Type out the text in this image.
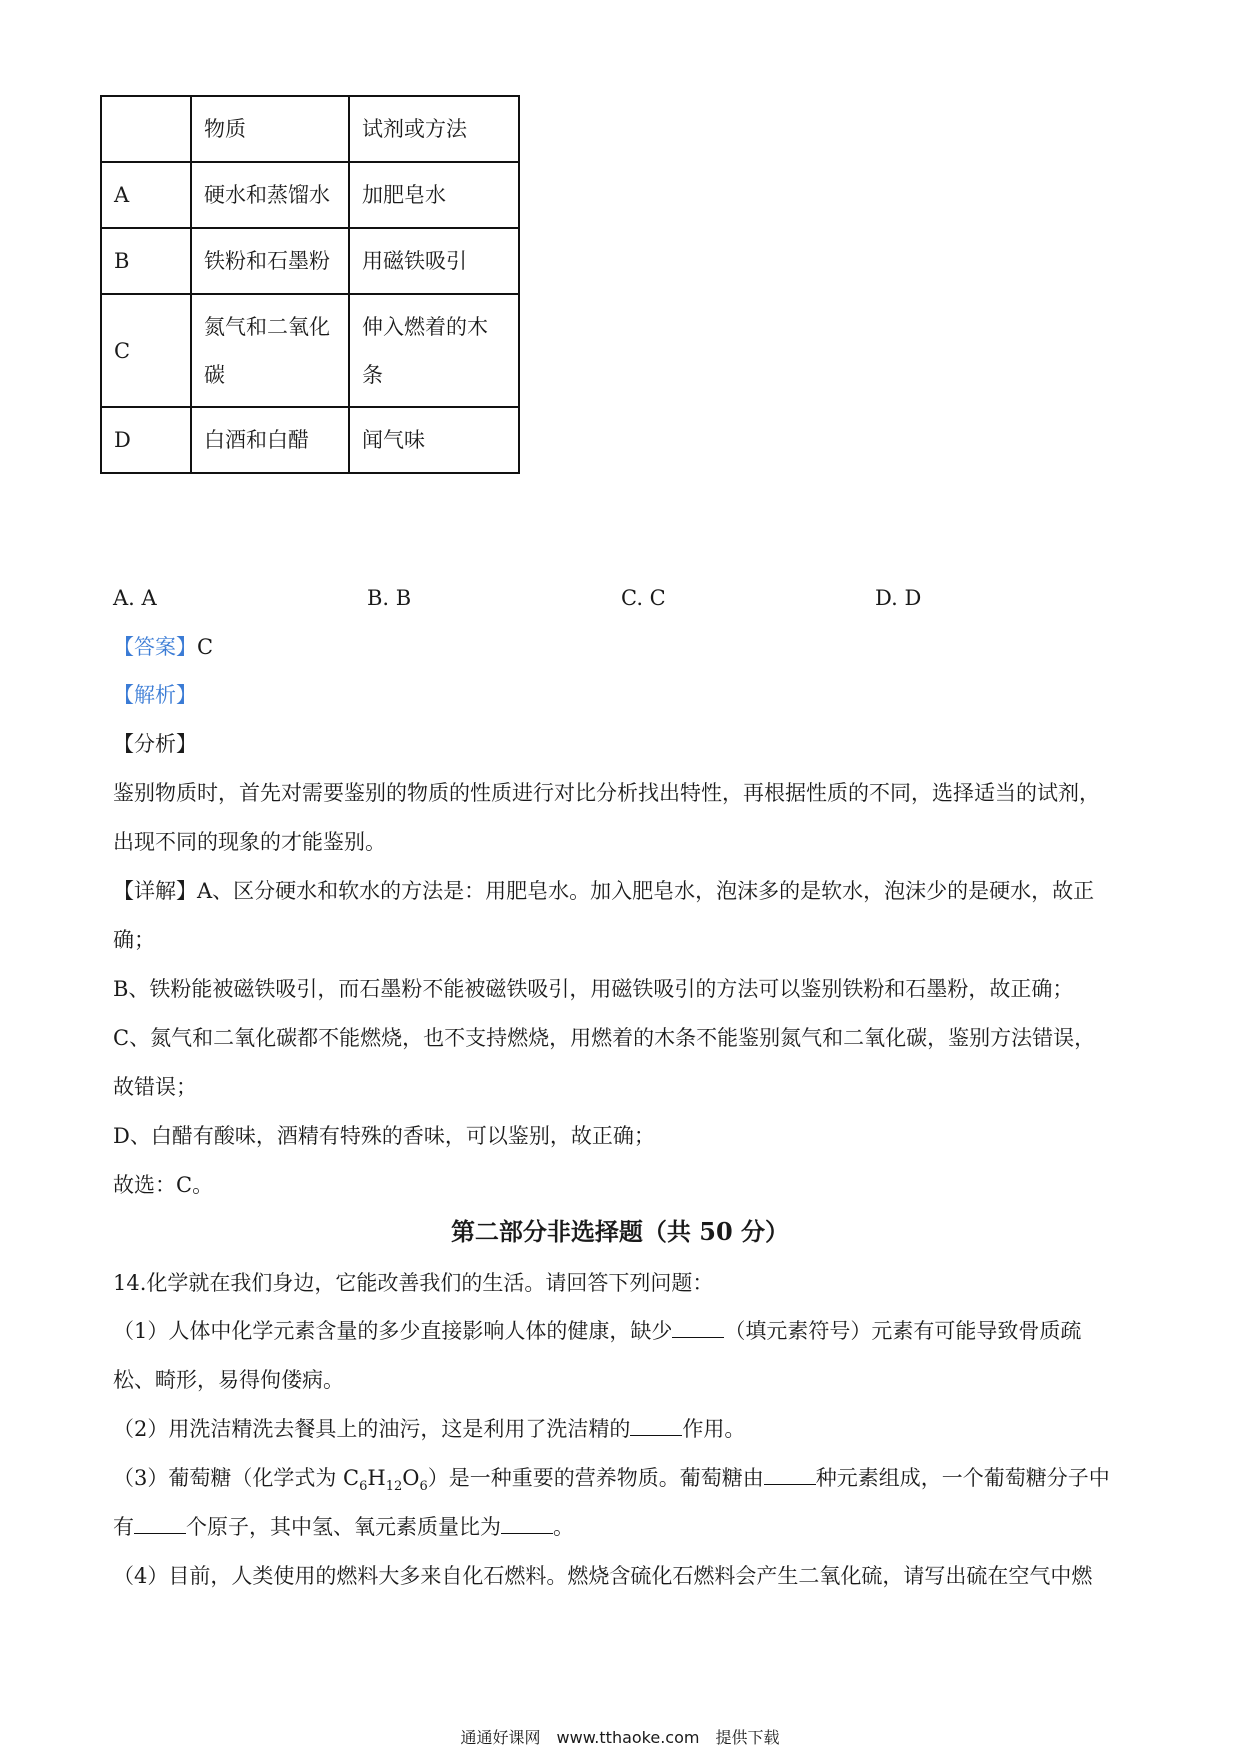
	物质	试剂或方法
A	硬水和蒸馏水	加肥皂水
B	铁粉和石墨粉	用磁铁吸引
C	氮气和二氧化碳	伸入燃着的木条
D	白酒和白醋	闻气味
A. A	B. B	C. C	D. D
【答案】C
【解析】
【分析】
鉴别物质时，首先对需要鉴别的物质的性质进行对比分析找出特性，再根据性质的不同，选择适当的试剂，
出现不同的现象的才能鉴别。
【详解】A、区分硬水和软水的方法是：用肥皂水。加入肥皂水，泡沫多的是软水，泡沫少的是硬水，故正
确；
B、铁粉能被磁铁吸引，而石墨粉不能被磁铁吸引，用磁铁吸引的方法可以鉴别铁粉和石墨粉，故正确；
C、氮气和二氧化碳都不能燃烧，也不支持燃烧，用燃着的木条不能鉴别氮气和二氧化碳，鉴别方法错误，
故错误；
D、白醋有酸味，酒精有特殊的香味，可以鉴别，故正确；
故选：C。
第二部分非选择题（共 50 分）
14.化学就在我们身边，它能改善我们的生活。请回答下列问题：
（1）人体中化学元素含量的多少直接影响人体的健康，缺少 （填元素符号）元素有可能导致骨质疏
松、畸形，易得佝偻病。
（2）用洗洁精洗去餐具上的油污，这是利用了洗洁精的 作用。
（3）葡萄糖（化学式为 $C_6H_{12}O_6$）是一种重要的营养物质。葡萄糖由 种元素组成，一个葡萄糖分子中
有 个原子，其中氢、氧元素质量比为 。
（4）目前，人类使用的燃料大多来自化石燃料。燃烧含硫化石燃料会产生二氧化硫，请写出硫在空气中燃
通通好课网　www.tthaoke.com　提供下载
